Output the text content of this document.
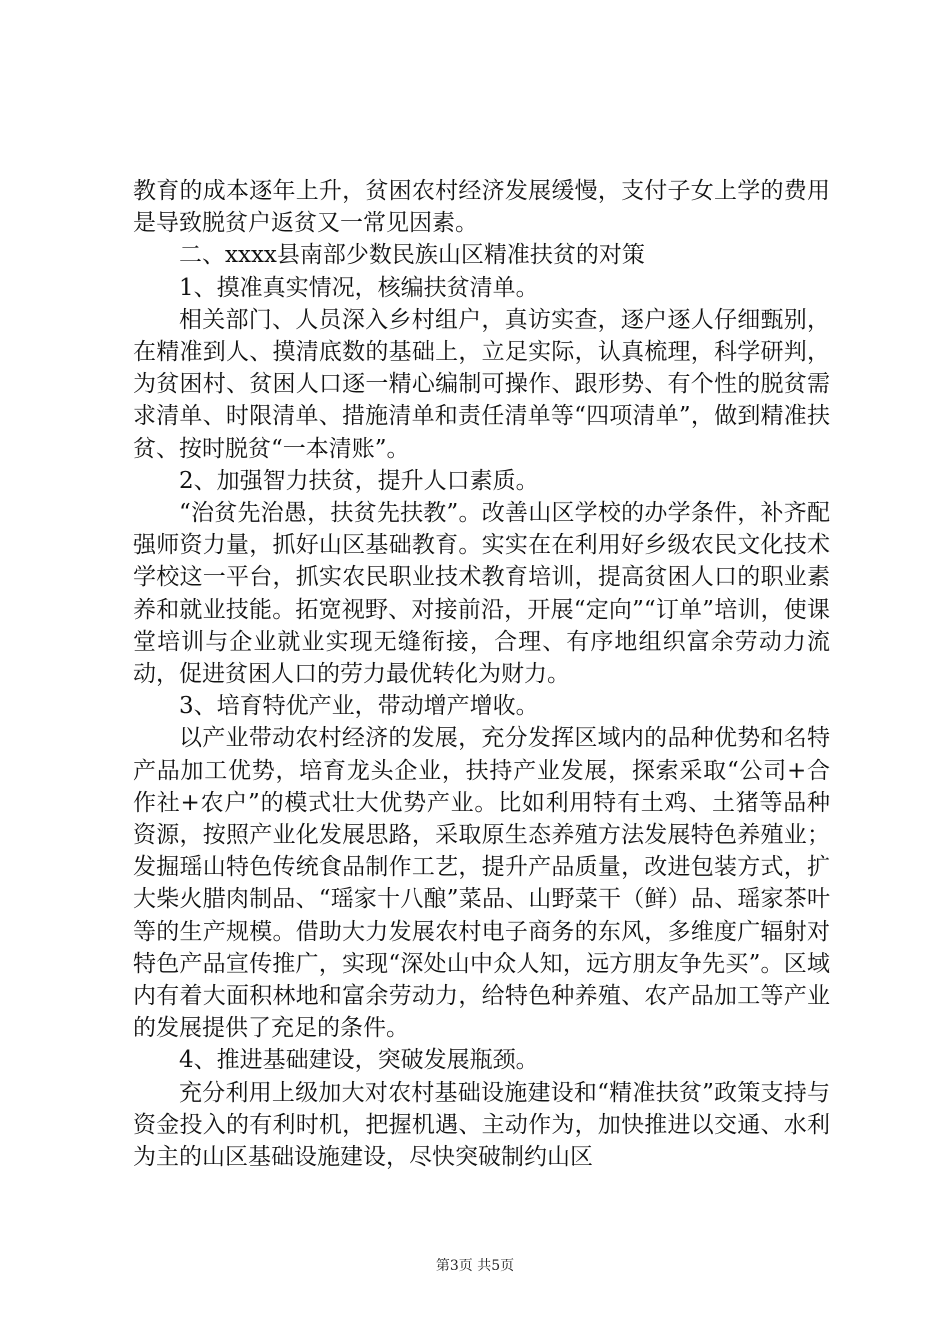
教育的成本逐年上升，贫困农村经济发展缓慢，支付子女上学的费用是导致脱贫户返贫又一常见因素。

二、xxxx县南部少数民族山区精准扶贫的对策

1、摸准真实情况，核编扶贫清单。

相关部门、人员深入乡村组户，真访实查，逐户逐人仔细甄别，在精准到人、摸清底数的基础上，立足实际，认真梳理，科学研判，为贫困村、贫困人口逐一精心编制可操作、跟形势、有个性的脱贫需求清单、时限清单、措施清单和责任清单等“四项清单”，做到精准扶贫、按时脱贫“一本清账”。

2、加强智力扶贫，提升人口素质。

“治贫先治愚，扶贫先扶教”。改善山区学校的办学条件，补齐配强师资力量，抓好山区基础教育。实实在在利用好乡级农民文化技术学校这一平台，抓实农民职业技术教育培训，提高贫困人口的职业素养和就业技能。拓宽视野、对接前沿，开展“定向”“订单”培训，使课堂培训与企业就业实现无缝衔接，合理、有序地组织富余劳动力流动，促进贫困人口的劳力最优转化为财力。

3、培育特优产业，带动增产增收。

以产业带动农村经济的发展，充分发挥区域内的品种优势和名特产品加工优势，培育龙头企业，扶持产业发展，探索采取“公司+合作社+农户”的模式壮大优势产业。比如利用特有土鸡、土猪等品种资源，按照产业化发展思路，采取原生态养殖方法发展特色养殖业；发掘瑶山特色传统食品制作工艺，提升产品质量，改进包装方式，扩大柴火腊肉制品、“瑶家十八酿”菜品、山野菜干（鲜）品、瑶家茶叶等的生产规模。借助大力发展农村电子商务的东风，多维度广辐射对特色产品宣传推广，实现“深处山中众人知，远方朋友争先买”。区域内有着大面积林地和富余劳动力，给特色种养殖、农产品加工等产业的发展提供了充足的条件。

4、推进基础建设，突破发展瓶颈。

充分利用上级加大对农村基础设施建设和“精准扶贫”政策支持与资金投入的有利时机，把握机遇、主动作为，加快推进以交通、水利为主的山区基础设施建设，尽快突破制约山区

第3页 共5页
